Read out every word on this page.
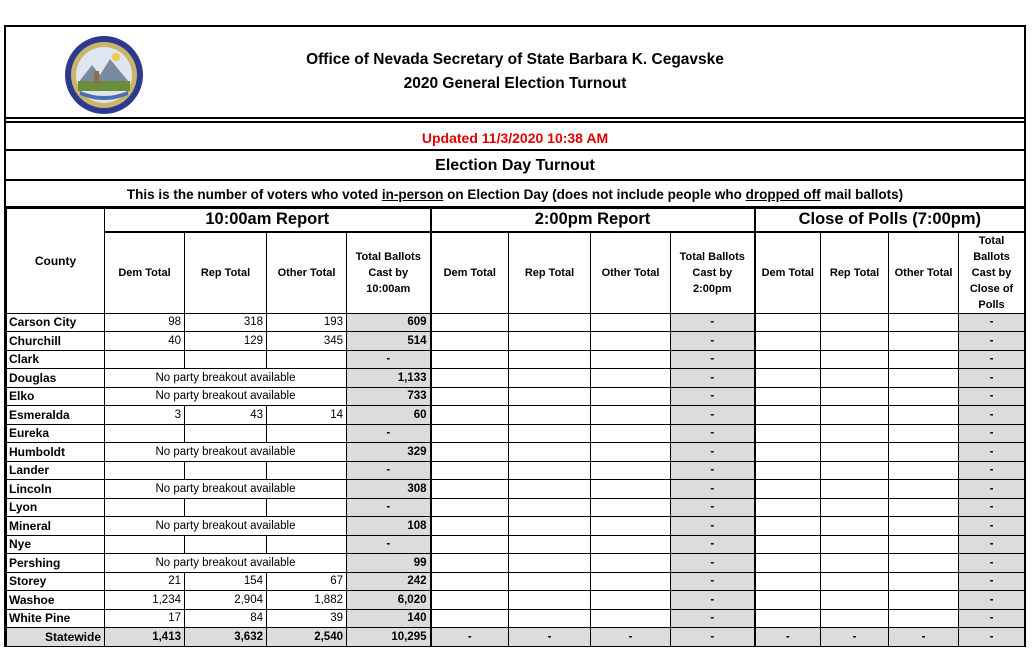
Office of Nevada Secretary of State Barbara K. Cegavske
2020 General Election Turnout
Updated 11/3/2020 10:38 AM
Election Day Turnout
This is the number of voters who voted in-person on Election Day (does not include people who dropped off mail ballots)
County	10:00am Report				2:00pm Report				Close of Polls (7:00pm)			
	Dem Total	Rep Total	Other Total	Total Ballots Cast by 10:00am	Dem Total	Rep Total	Other Total	Total Ballots Cast by 2:00pm	Dem Total	Rep Total	Other Total	Total Ballots Cast by Close of Polls
Carson City	98	318	193	609				-				-
Churchill	40	129	345	514				-				-
Clark				-				-				-
Douglas	No party breakout available			1,133				-				-
Elko	No party breakout available			733				-				-
Esmeralda	3	43	14	60				-				-
Eureka				-				-				-
Humboldt	No party breakout available			329				-				-
Lander				-				-				-
Lincoln	No party breakout available			308				-				-
Lyon				-				-				-
Mineral	No party breakout available			108				-				-
Nye				-				-				-
Pershing	No party breakout available			99				-				-
Storey	21	154	67	242				-				-
Washoe	1,234	2,904	1,882	6,020				-				-
White Pine	17	84	39	140				-				-
Statewide	1,413	3,632	2,540	10,295	-	-	-	-	-	-	-	-
